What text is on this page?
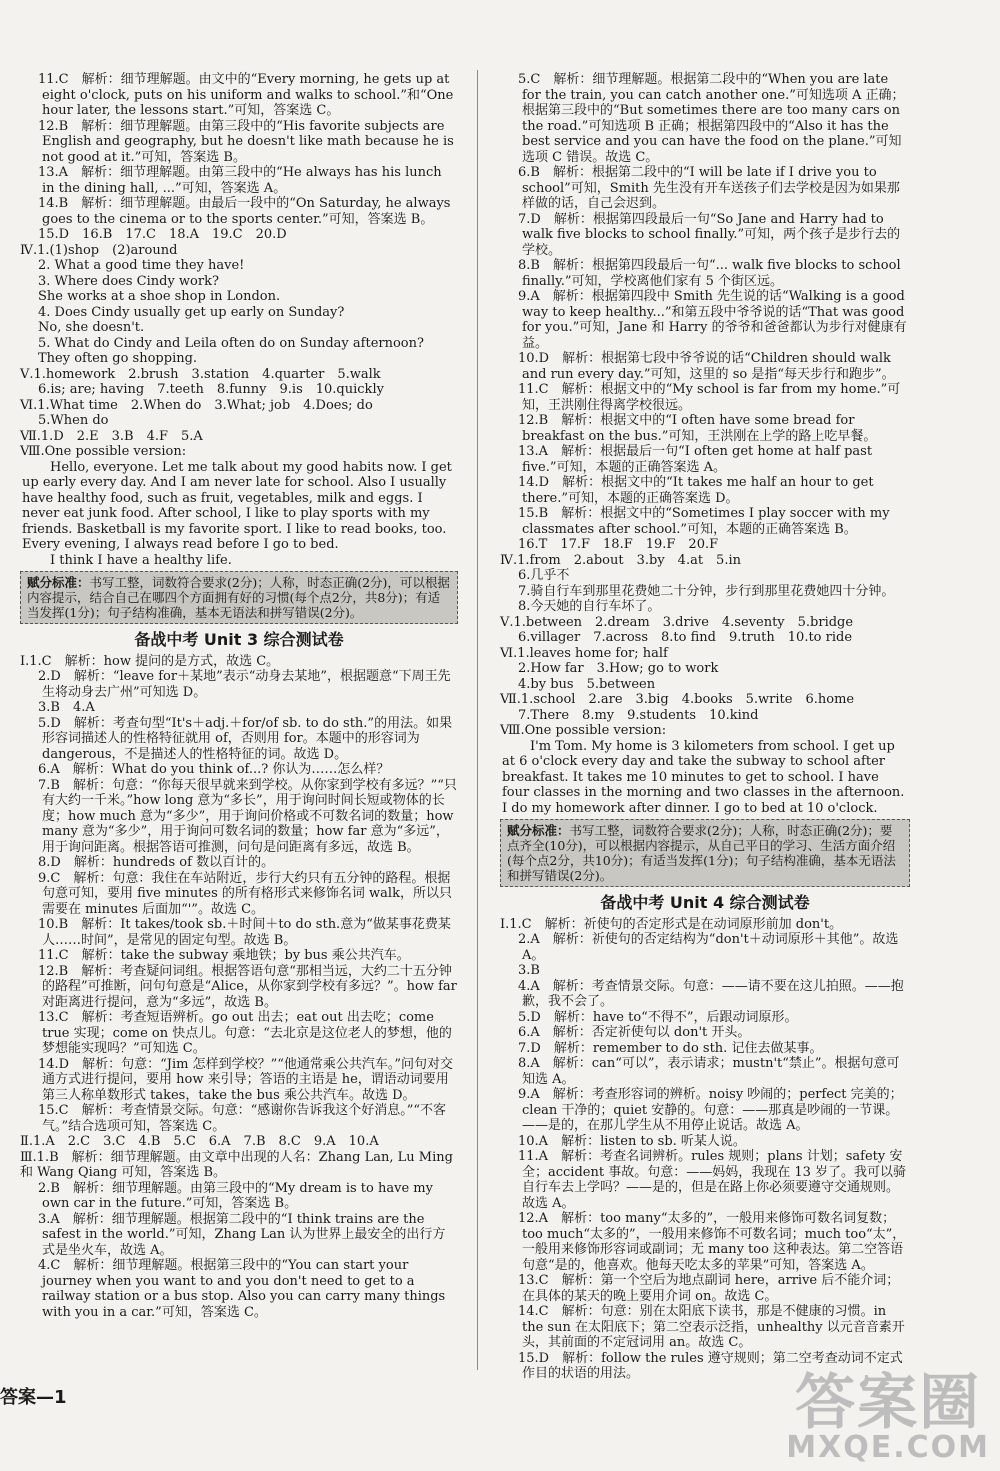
11.C　解析：细节理解题。由文中的“Every morning, he gets up at eight o'clock, puts on his uniform and walks to school.”和“One hour later, the lessons start.”可知，答案选 C。

12.B　解析：细节理解题。由第三段中的“His favorite subjects are English and geography, but he doesn't like math because he is not good at it.”可知，答案选 B。

13.A　解析：细节理解题。由第三段中的“He always has his lunch in the dining hall, ...”可知，答案选 A。

14.B　解析：细节理解题。由最后一段中的“On Saturday, he always goes to the cinema or to the sports center.”可知，答案选 B。

15.D　16.B　17.C　18.A　19.C　20.D

Ⅳ.1.(1)shop　(2)around

2. What a good time they have!

3. Where does Cindy work?

She works at a shoe shop in London.

4. Does Cindy usually get up early on Sunday?

No, she doesn't.

5. What do Cindy and Leila often do on Sunday afternoon?

They often go shopping.

Ⅴ.1.homework　2.brush　3.station　4.quarter　5.walk

6.is; are; having　7.teeth　8.funny　9.is　10.quickly

Ⅵ.1.What time　2.When do　3.What; job　4.Does; do

5.When do

Ⅶ.1.D　2.E　3.B　4.F　5.A

Ⅷ.One possible version:

Hello, everyone. Let me talk about my good habits now. I get up early every day. And I am never late for school. Also I usually have healthy food, such as fruit, vegetables, milk and eggs. I never eat junk food. After school, I like to play sports with my friends. Basketball is my favorite sport. I like to read books, too. Every evening, I always read before I go to bed.

I think I have a healthy life.

赋分标准：书写工整，词数符合要求(2分)；人称，时态正确(2分)，可以根据内容提示，结合自己在哪四个方面拥有好的习惯(每个点2分，共8分)；有适当发挥(1分)；句子结构准确，基本无语法和拼写错误(2分)。
备战中考 Unit 3 综合测试卷

Ⅰ.1.C　解析：how 提问的是方式，故选 C。

2.D　解析：“leave for＋某地”表示“动身去某地”，根据题意“下周王先生将动身去广州”可知选 D。

3.B　4.A

5.D　解析：考查句型“It's＋adj.＋for/of sb. to do sth.”的用法。如果形容词描述人的性格特征就用 of，否则用 for。本题中的形容词为 dangerous，不是描述人的性格特征的词。故选 D。

6.A　解析：What do you think of...? 你认为……怎么样？

7.B　解析：句意：“你每天很早就来到学校。从你家到学校有多远？”“只有大约一千米。”how long 意为“多长”，用于询问时间长短或物体的长度；how much 意为“多少”，用于询问价格或不可数名词的数量；how many 意为“多少”，用于询问可数名词的数量；how far 意为“多远”，用于询问距离。根据答语可推测，问句是问距离有多远，故选 B。

8.D　解析：hundreds of 数以百计的。

9.C　解析：句意：我住在车站附近，步行大约只有五分钟的路程。根据句意可知，要用 five minutes 的所有格形式来修饰名词 walk，所以只需要在 minutes 后面加“'”。故选 C。

10.B　解析：It takes/took sb.＋时间＋to do sth.意为“做某事花费某人……时间”，是常见的固定句型。故选 B。

11.C　解析：take the subway 乘地铁；by bus 乘公共汽车。

12.B　解析：考查疑问词组。根据答语句意“那相当远，大约二十五分钟的路程”可推断，问句句意是“Alice，从你家到学校有多远？”。how far 对距离进行提问，意为“多远”，故选 B。

13.C　解析：考查短语辨析。go out 出去；eat out 出去吃；come true 实现；come on 快点儿。句意：“去北京是这位老人的梦想，他的梦想能实现吗？”可知选 C。

14.D　解析：句意：“Jim 怎样到学校？”“他通常乘公共汽车。”问句对交通方式进行提问，要用 how 来引导；答语的主语是 he，谓语动词要用第三人称单数形式 takes，take the bus 乘公共汽车。故选 D。

15.C　解析：考查情景交际。句意：“感谢你告诉我这个好消息。”“不客气。”结合选项可知，答案选 C。

Ⅱ.1.A　2.C　3.C　4.B　5.C　6.A　7.B　8.C　9.A　10.A

Ⅲ.1.B　解析：细节理解题。由文章中出现的人名：Zhang Lan, Lu Ming 和 Wang Qiang 可知，答案选 B。

2.B　解析：细节理解题。由第三段中的“My dream is to have my own car in the future.”可知，答案选 B。

3.A　解析：细节理解题。根据第二段中的“I think trains are the safest in the world.”可知，Zhang Lan 认为世界上最安全的出行方式是坐火车，故选 A。

4.C　解析：细节理解题。根据第三段中的“You can start your journey when you want to and you don't need to get to a railway station or a bus stop. Also you can carry many things with you in a car.”可知，答案选 C。

5.C　解析：细节理解题。根据第二段中的“When you are late for the train, you can catch another one.”可知选项 A 正确；根据第三段中的“But sometimes there are too many cars on the road.”可知选项 B 正确；根据第四段中的“Also it has the best service and you can have the food on the plane.”可知选项 C 错误。故选 C。

6.B　解析：根据第二段中的“I will be late if I drive you to school”可知，Smith 先生没有开车送孩子们去学校是因为如果那样做的话，自己会迟到。

7.D　解析：根据第四段最后一句“So Jane and Harry had to walk five blocks to school finally.”可知，两个孩子是步行去的学校。

8.B　解析：根据第四段最后一句“... walk five blocks to school finally.”可知，学校离他们家有 5 个街区远。

9.A　解析：根据第四段中 Smith 先生说的话“Walking is a good way to keep healthy...”和第五段中爷爷说的话“That was good for you.”可知，Jane 和 Harry 的爷爷和爸爸都认为步行对健康有益。

10.D　解析：根据第七段中爷爷说的话“Children should walk and run every day.”可知，这里的 so 是指“每天步行和跑步”。

11.C　解析：根据文中的“My school is far from my home.”可知，王洪刚住得离学校很远。

12.B　解析：根据文中的“I often have some bread for breakfast on the bus.”可知，王洪刚在上学的路上吃早餐。

13.A　解析：根据最后一句“I often get home at half past five.”可知，本题的正确答案选 A。

14.D　解析：根据文中的“It takes me half an hour to get there.”可知，本题的正确答案选 D。

15.B　解析：根据文中的“Sometimes I play soccer with my classmates after school.”可知，本题的正确答案选 B。

16.T　17.F　18.F　19.F　20.F

Ⅳ.1.from　2.about　3.by　4.at　5.in

6.几乎不

7.骑自行车到那里花费她二十分钟，步行到那里花费她四十分钟。

8.今天她的自行车坏了。

Ⅴ.1.between　2.dream　3.drive　4.seventy　5.bridge

6.villager　7.across　8.to find　9.truth　10.to ride

Ⅵ.1.leaves home for; half

2.How far　3.How; go to work

4.by bus　5.between

Ⅶ.1.school　2.are　3.big　4.books　5.write　6.home

7.There　8.my　9.students　10.kind

Ⅷ.One possible version:

I'm Tom. My home is 3 kilometers from school. I get up at 6 o'clock every day and take the subway to school after breakfast. It takes me 10 minutes to get to school. I have four classes in the morning and two classes in the afternoon. I do my homework after dinner. I go to bed at 10 o'clock.

赋分标准：书写工整，词数符合要求(2分)；人称，时态正确(2分)；要点齐全(10分)，可以根据内容提示，从自己平日的学习、生活方面介绍(每个点2分，共10分)；有适当发挥(1分)；句子结构准确，基本无语法和拼写错误(2分)。
备战中考 Unit 4 综合测试卷

Ⅰ.1.C　解析：祈使句的否定形式是在动词原形前加 don't。

2.A　解析：祈使句的否定结构为“don't＋动词原形＋其他”。故选 A。

3.B

4.A　解析：考查情景交际。句意：——请不要在这儿拍照。——抱歉，我不会了。

5.D　解析：have to“不得不”，后跟动词原形。

6.A　解析：否定祈使句以 don't 开头。

7.D　解析：remember to do sth. 记住去做某事。

8.A　解析：can“可以”，表示请求；mustn't“禁止”。根据句意可知选 A。

9.A　解析：考查形容词的辨析。noisy 吵闹的；perfect 完美的；clean 干净的；quiet 安静的。句意：——那真是吵闹的一节课。——是的，在那儿学生从不用停止说话。故选 A。

10.A　解析：listen to sb. 听某人说。

11.A　解析：考查名词辨析。rules 规则；plans 计划；safety 安全；accident 事故。句意：——妈妈，我现在 13 岁了。我可以骑自行车去上学吗？——是的，但是在路上你必须要遵守交通规则。故选 A。

12.A　解析：too many“太多的”，一般用来修饰可数名词复数；too much“太多的”，一般用来修饰不可数名词；much too“太”，一般用来修饰形容词或副词；无 many too 这种表达。第二空答语句意“是的，他喜欢。他每天吃太多的苹果”可知，答案选 A。

13.C　解析：第一个空后为地点副词 here，arrive 后不能介词；在具体的某天的晚上要用介词 on。故选 C。

14.C　解析：句意：别在太阳底下读书，那是不健康的习惯。in the sun 在太阳底下；第二空表示泛指，unhealthy 以元音音素开头，其前面的不定冠词用 an。故选 C。

15.D　解析：follow the rules 遵守规则；第二空考查动词不定式作目的状语的用法。

答案—1	答案圈
MXQE.COM
